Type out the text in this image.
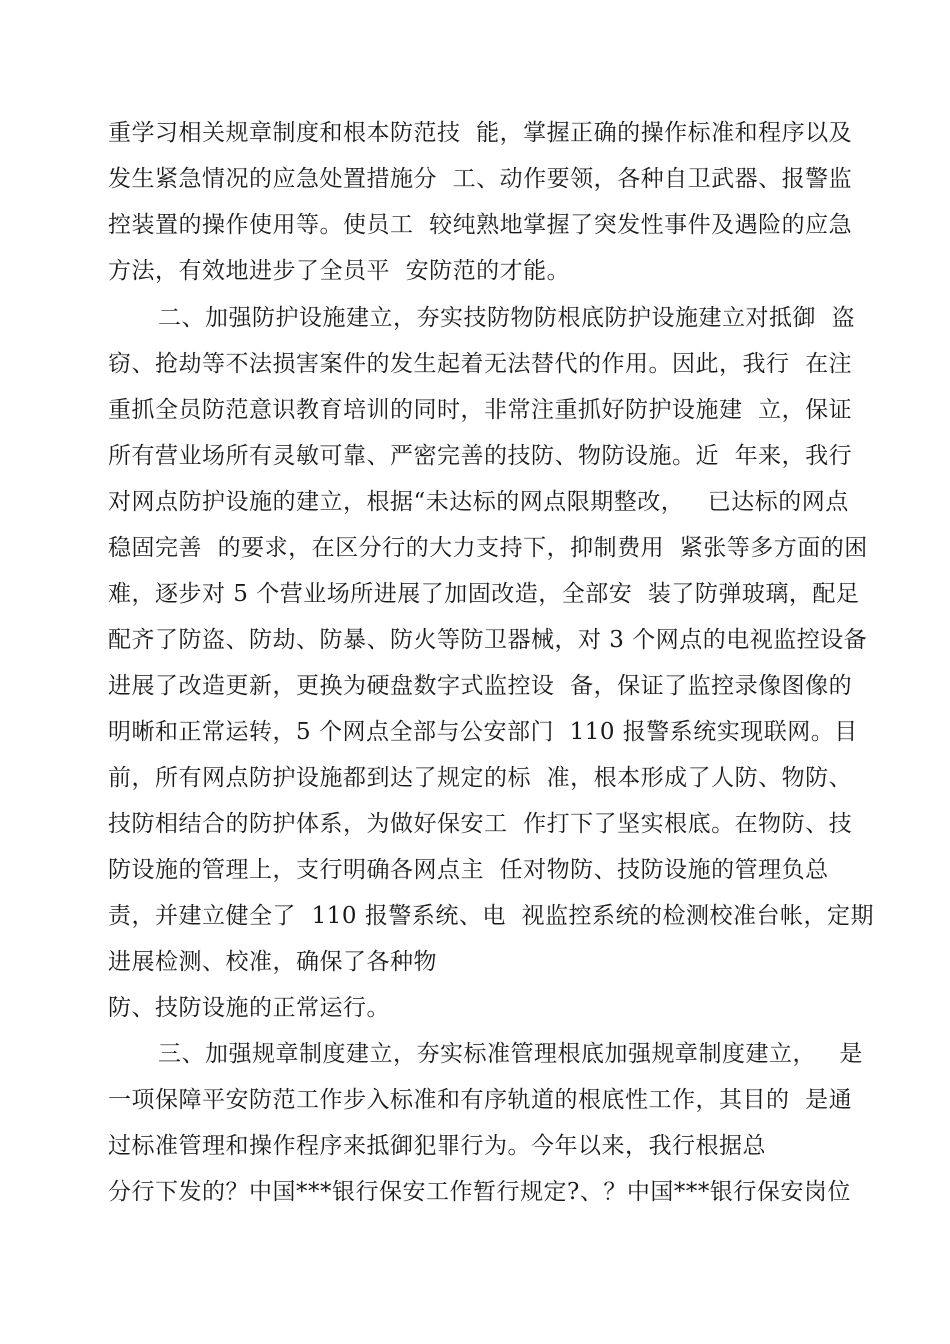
重学习相关规章制度和根本防范技  能，掌握正确的操作标准和程序以及
发生紧急情况的应急处置措施分  工、动作要领，各种自卫武器、报警监
控装置的操作使用等。使员工  较纯熟地掌握了突发性事件及遇险的应急
方法，有效地进步了全员平  安防范的才能。
二、加强防护设施建立，夯实技防物防根底防护设施建立对抵御  盗
窃、抢劫等不法损害案件的发生起着无法替代的作用。因此，我行  在注
重抓全员防范意识教育培训的同时，非常注重抓好防护设施建  立，保证
所有营业场所有灵敏可靠、严密完善的技防、物防设施。近  年来，我行
对网点防护设施的建立，根据“未达标的网点限期整改，   已达标的网点
稳固完善  的要求，在区分行的大力支持下，抑制费用  紧张等多方面的困
难，逐步对 5 个营业场所进展了加固改造，全部安  装了防弹玻璃，配足
配齐了防盗、防劫、防暴、防火等防卫器械，对 3 个网点的电视监控设备
进展了改造更新，更换为硬盘数字式监控设  备，保证了监控录像图像的
明晰和正常运转，5 个网点全部与公安部门  110 报警系统实现联网。目
前，所有网点防护设施都到达了规定的标  准，根本形成了人防、物防、
技防相结合的防护体系，为做好保安工  作打下了坚实根底。在物防、技
防设施的管理上，支行明确各网点主  任对物防、技防设施的管理负总
责，并建立健全了  110 报警系统、电  视监控系统的检测校准台帐，定期
进展检测、校准，确保了各种物
防、技防设施的正常运行。
三、加强规章制度建立，夯实标准管理根底加强规章制度建立，   是
一项保障平安防范工作步入标准和有序轨道的根底性工作，其目的  是通
过标准管理和操作程序来抵御犯罪行为。今年以来，我行根据总
分行下发的？中国***银行保安工作暂行规定?、？中国***银行保安岗位
